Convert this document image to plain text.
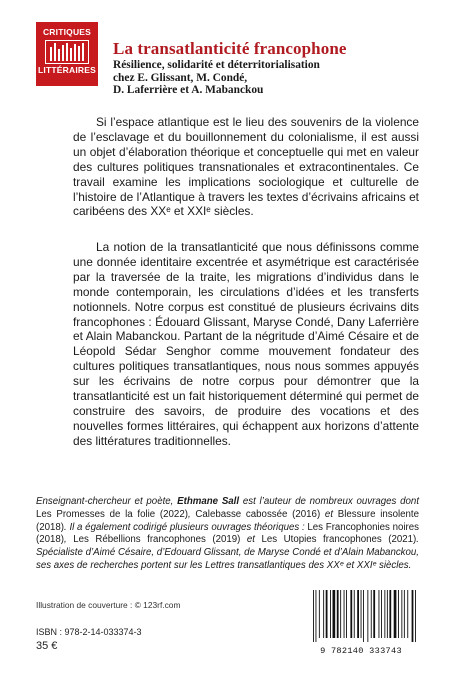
CRITIQUES
LITTÉRAIRES
La transatlanticité francophone
Résilience, solidarité et déterritorialisation
chez E. Glissant, M. Condé,
D. Laferrière et A. Mabanckou

Si l’espace atlantique est le lieu des souvenirs de la violence de l’esclavage et du bouillonnement du colonialisme, il est aussi un objet d’élaboration théorique et conceptuelle qui met en valeur des cultures politiques transnationales et extracontinentales. Ce travail examine les implications sociologique et culturelle de l’histoire de l’Atlantique à travers les textes d’écrivains africains et caribéens des XXᵉ et XXIᵉ siècles.

La notion de la transatlanticité que nous définissons comme une donnée identitaire excentrée et asymétrique est caractérisée par la traversée de la traite, les migrations d’individus dans le monde contemporain, les circulations d’idées et les transferts notionnels. Notre corpus est constitué de plusieurs écrivains dits francophones : Édouard Glissant, Maryse Condé, Dany Laferrière et Alain Mabanckou. Partant de la négritude d’Aimé Césaire et de Léopold Sédar Senghor comme mouvement fondateur des cultures politiques transatlantiques, nous nous sommes appuyés sur les écrivains de notre corpus pour démontrer que la transatlanticité est un fait historiquement déterminé qui permet de construire des savoirs, de produire des vocations et des nouvelles formes littéraires, qui échappent aux horizons d’attente des littératures traditionnelles.

Enseignant-chercheur et poète, Ethmane Sall est l’auteur de nombreux ouvrages dont Les Promesses de la folie (2022), Calebasse cabossée (2016) et Blessure insolente (2018). Il a également codirigé plusieurs ouvrages théoriques : Les Francophonies noires (2018), Les Rébellions francophones (2019) et Les Utopies francophones (2021). Spécialiste d’Aimé Césaire, d’Edouard Glissant, de Maryse Condé et d’Alain Mabanckou, ses axes de recherches portent sur les Lettres transatlantiques des XXᵉ et XXIᵉ siècles.

Illustration de couverture : © 123rf.com
ISBN : 978-2-14-033374-3
35 €	9 782140 333743
